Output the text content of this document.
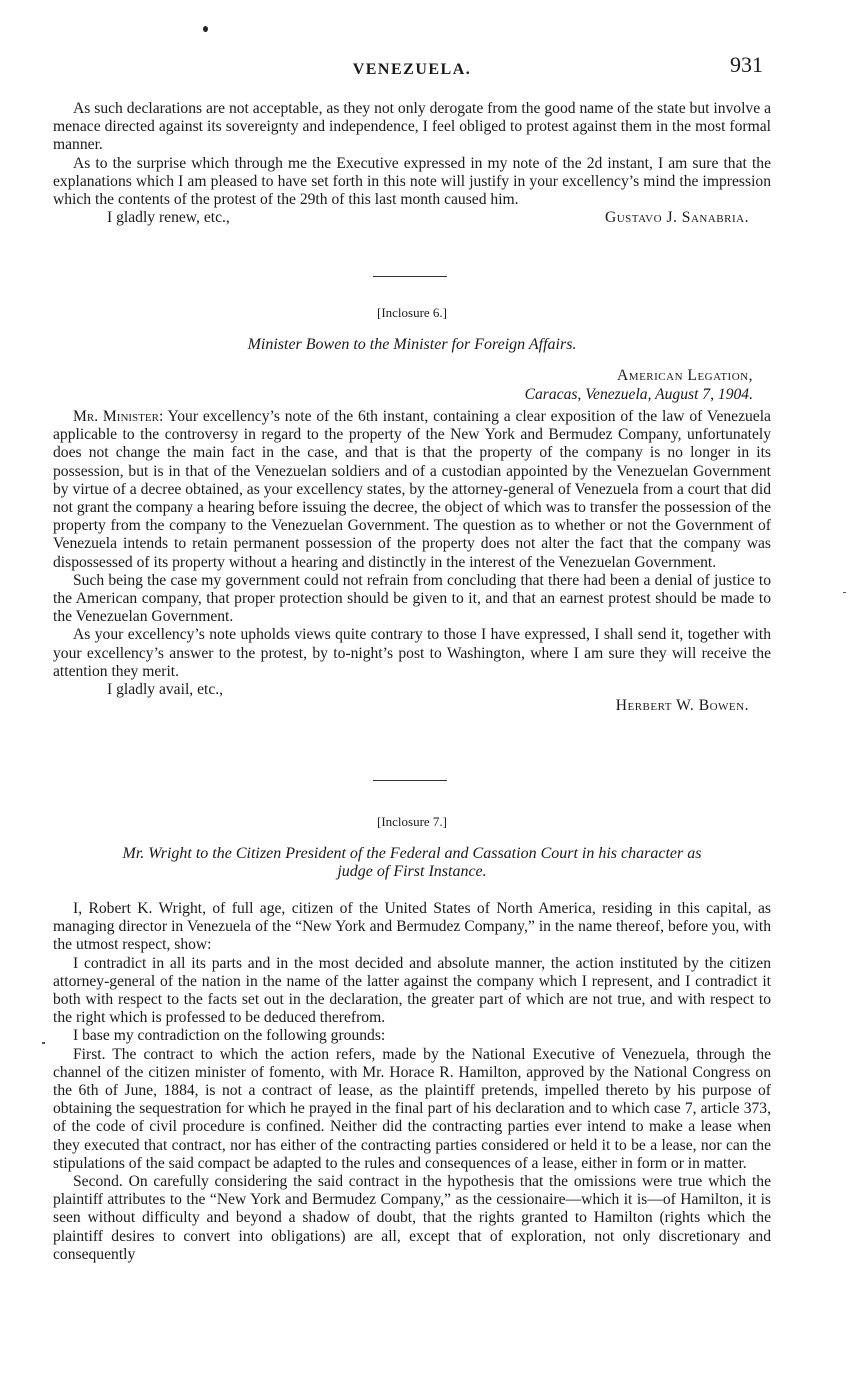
VENEZUELA.	931

As such declarations are not acceptable, as they not only derogate from the good name of the state but involve a menace directed against its sovereignty and independence, I feel obliged to protest against them in the most formal manner.

As to the surprise which through me the Executive expressed in my note of the 2d instant, I am sure that the explanations which I am pleased to have set forth in this note will justify in your excellency’s mind the impression which the contents of the protest of the 29th of this last month caused him.

I gladly renew, etc.,	Gustavo J. Sanabria.
[Inclosure 6.]
Minister Bowen to the Minister for Foreign Affairs.
American Legation,
Caracas, Venezuela, August 7, 1904.

Mr. Minister: Your excellency’s note of the 6th instant, containing a clear exposition of the law of Venezuela applicable to the controversy in regard to the property of the New York and Bermudez Company, unfortunately does not change the main fact in the case, and that is that the property of the company is no longer in its possession, but is in that of the Venezuelan soldiers and of a custodian appointed by the Venezuelan Government by virtue of a decree obtained, as your excellency states, by the attorney-general of Venezuela from a court that did not grant the company a hearing before issuing the decree, the object of which was to transfer the possession of the property from the company to the Venezuelan Government. The question as to whether or not the Government of Venezuela intends to retain permanent possession of the property does not alter the fact that the company was dispossessed of its property without a hearing and distinctly in the interest of the Venezuelan Government.

Such being the case my government could not refrain from concluding that there had been a denial of justice to the American company, that proper protection should be given to it, and that an earnest protest should be made to the Venezuelan Government.

As your excellency’s note upholds views quite contrary to those I have expressed, I shall send it, together with your excellency’s answer to the protest, by to-night’s post to Washington, where I am sure they will receive the attention they merit.

I gladly avail, etc.,
Herbert W. Bowen.
[Inclosure 7.]
Mr. Wright to the Citizen President of the Federal and Cassation Court in his character as
judge of First Instance.

I, Robert K. Wright, of full age, citizen of the United States of North America, residing in this capital, as managing director in Venezuela of the “New York and Bermudez Company,” in the name thereof, before you, with the utmost respect, show:

I contradict in all its parts and in the most decided and absolute manner, the action instituted by the citizen attorney-general of the nation in the name of the latter against the company which I represent, and I contradict it both with respect to the facts set out in the declaration, the greater part of which are not true, and with respect to the right which is professed to be deduced therefrom.

I base my contradiction on the following grounds:

First. The contract to which the action refers, made by the National Executive of Venezuela, through the channel of the citizen minister of fomento, with Mr. Horace R. Hamilton, approved by the National Congress on the 6th of June, 1884, is not a contract of lease, as the plaintiff pretends, impelled thereto by his purpose of obtaining the sequestration for which he prayed in the final part of his declaration and to which case 7, article 373, of the code of civil procedure is confined. Neither did the contracting parties ever intend to make a lease when they executed that contract, nor has either of the contracting parties considered or held it to be a lease, nor can the stipulations of the said compact be adapted to the rules and consequences of a lease, either in form or in matter.

Second. On carefully considering the said contract in the hypothesis that the omissions were true which the plaintiff attributes to the “New York and Bermudez Company,” as the cessionaire—which it is—of Hamilton, it is seen without difficulty and beyond a shadow of doubt, that the rights granted to Hamilton (rights which the plaintiff desires to convert into obligations) are all, except that of exploration, not only discretionary and consequently
